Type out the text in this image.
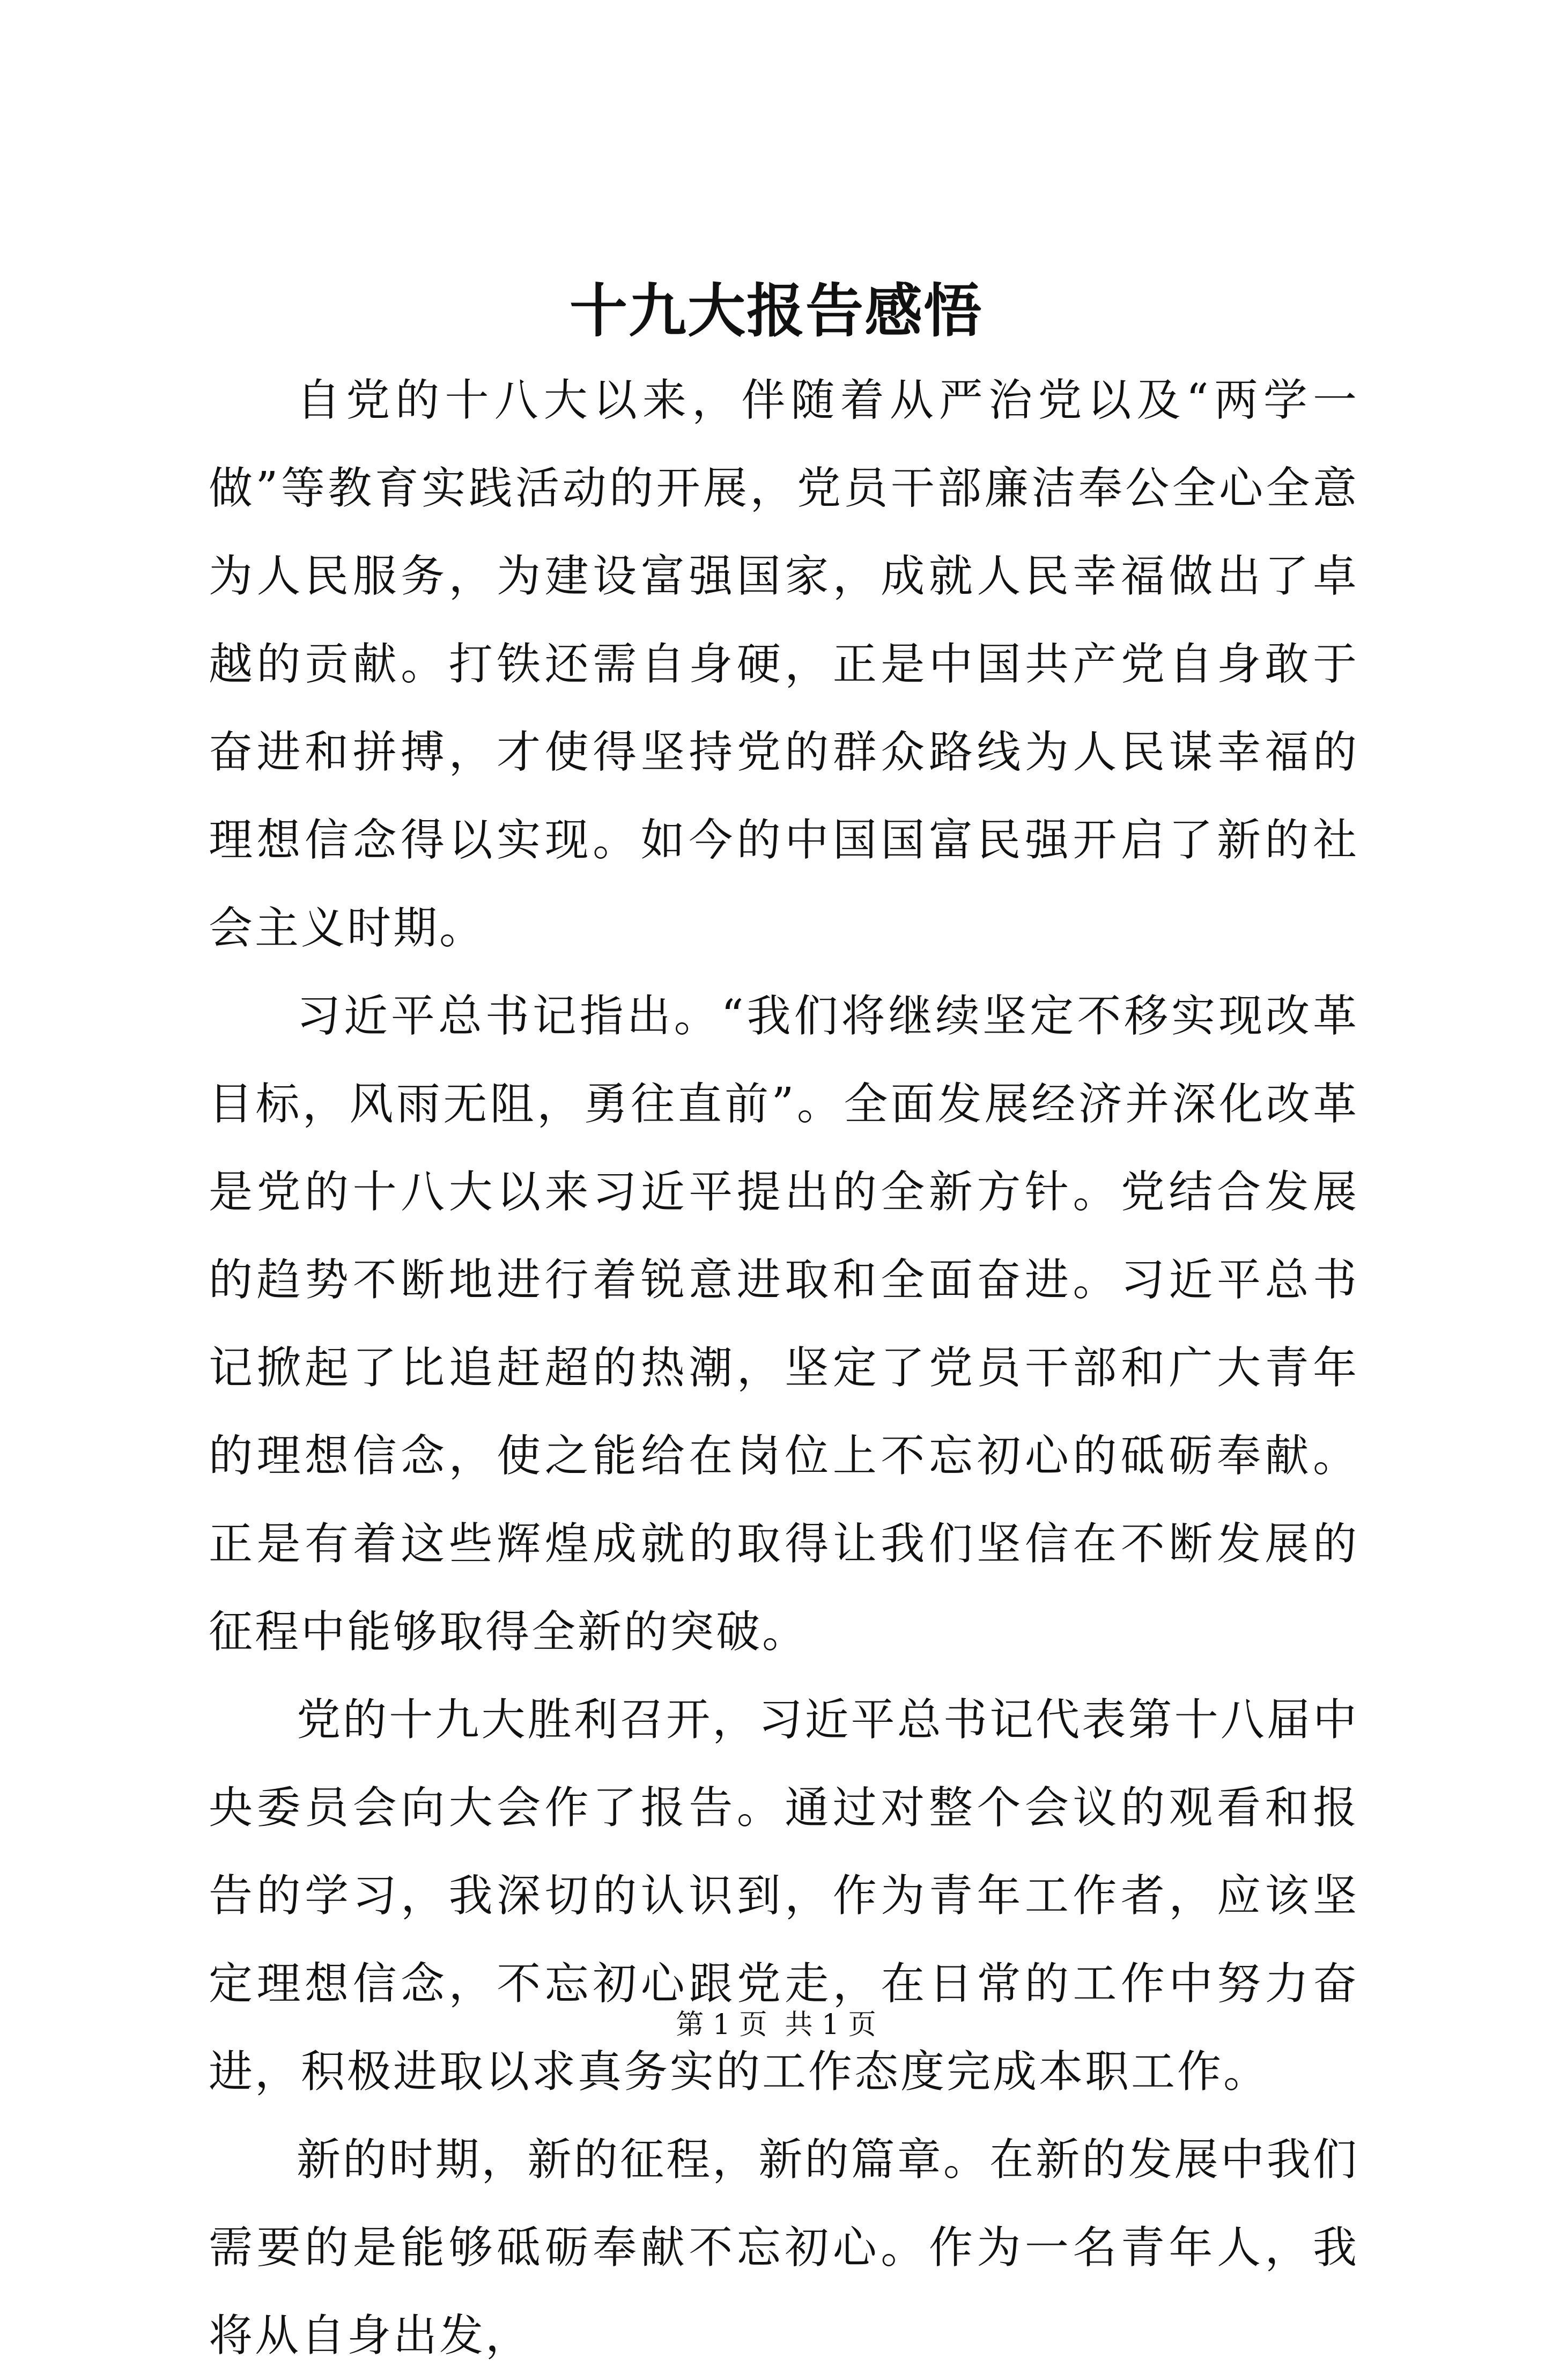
十九大报告感悟

自党的十八大以来，伴随着从严治党以及“两学一做”等教育实践活动的开展，党员干部廉洁奉公全心全意为人民服务，为建设富强国家，成就人民幸福做出了卓越的贡献。打铁还需自身硬，正是中国共产党自身敢于奋进和拼搏，才使得坚持党的群众路线为人民谋幸福的理想信念得以实现。如今的中国国富民强开启了新的社会主义时期。

习近平总书记指出。“我们将继续坚定不移实现改革目标，风雨无阻，勇往直前”。全面发展经济并深化改革是党的十八大以来习近平提出的全新方针。党结合发展的趋势不断地进行着锐意进取和全面奋进。习近平总书记掀起了比追赶超的热潮，坚定了党员干部和广大青年的理想信念，使之能给在岗位上不忘初心的砥砺奉献。正是有着这些辉煌成就的取得让我们坚信在不断发展的征程中能够取得全新的突破。

党的十九大胜利召开，习近平总书记代表第十八届中央委员会向大会作了报告。通过对整个会议的观看和报告的学习，我深切的认识到，作为青年工作者，应该坚定理想信念，不忘初心跟党走，在日常的工作中努力奋进，积极进取以求真务实的工作态度完成本职工作。

新的时期，新的征程，新的篇章。在新的发展中我们需要的是能够砥砺奉献不忘初心。作为一名青年人，我将从自身出发，

第 1 页  共 1 页
